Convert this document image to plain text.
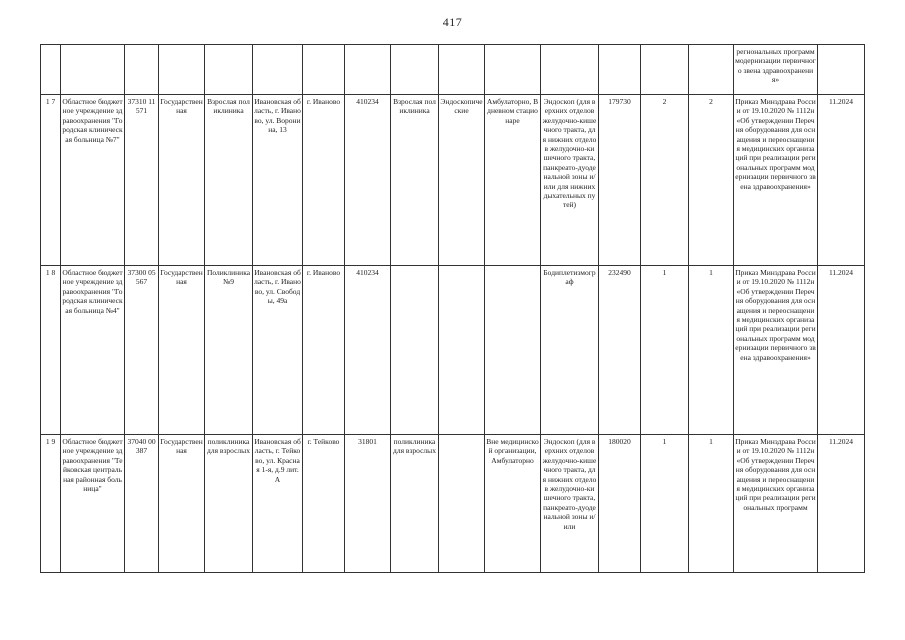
417
															регнональных программ модернизации первичного звена здравоохранения»	
1 7	Областное бюджетное учреждение здравоохранения "Городская клиническая больница №7"	37310 11571	Государственная	Взрослая поликлиника	Ивановская область, г. Иваново, ул. Воронина, 13	г. Иваново	410234	Взрослая поликлиника	Эндоскопические	Амбулаторно, В дневном стационаре	Эндоскоп (для верхних отделов желудочно-кишечного тракта, для нижних отделов желудочно-кишечного тракта, панкреато-дуоденальной зоны и/или для нижних дыхательных путей)	179730	2	2	Приказ Минздрава России от 19.10.2020 № 1112н «Об утверждении Перечня оборудования для оснащения и переоснащения медицинских организаций при реализации региональных программ модернизации первичного звена здравоохранения»	11.2024
1 8	Областное бюджетное учреждение здравоохранения "Городская клиническая больница №4"	37300 05567	Государственная	Поликлиника №9	Ивановская область, г. Иваново, ул. Свободы, 49а	г. Иваново	410234				Бодиплетизмограф	232490	1	1	Приказ Минздрава России от 19.10.2020 № 1112н «Об утверждении Перечня оборудования для оснащения и переоснащения медицинских организаций при реализации региональных программ модернизации первичного звена здравоохранения»	11.2024
1 9	Областное бюджетное учреждение здравоохранения "Тейковская центральная районная больница"	37040 00387	Государственная	поликлиника для взрослых	Ивановская область, г. Тейково, ул. Красная 1-я, д.9 лит.А	г. Тейково	31801	поликлиника для взрослых		Вне медицинской организации, Амбулаторно	Эндоскоп (для верхних отделов желудочно-кишечного тракта, для нижних отделов желудочно-кишечного тракта, панкреато-дуоденальной зоны и/или	180020	1	1	Приказ Минздрава России от 19.10.2020 № 1112н «Об утверждении Перечня оборудования для оснащения и переоснащения медицинских организаций при реализации региональных программ	11.2024
